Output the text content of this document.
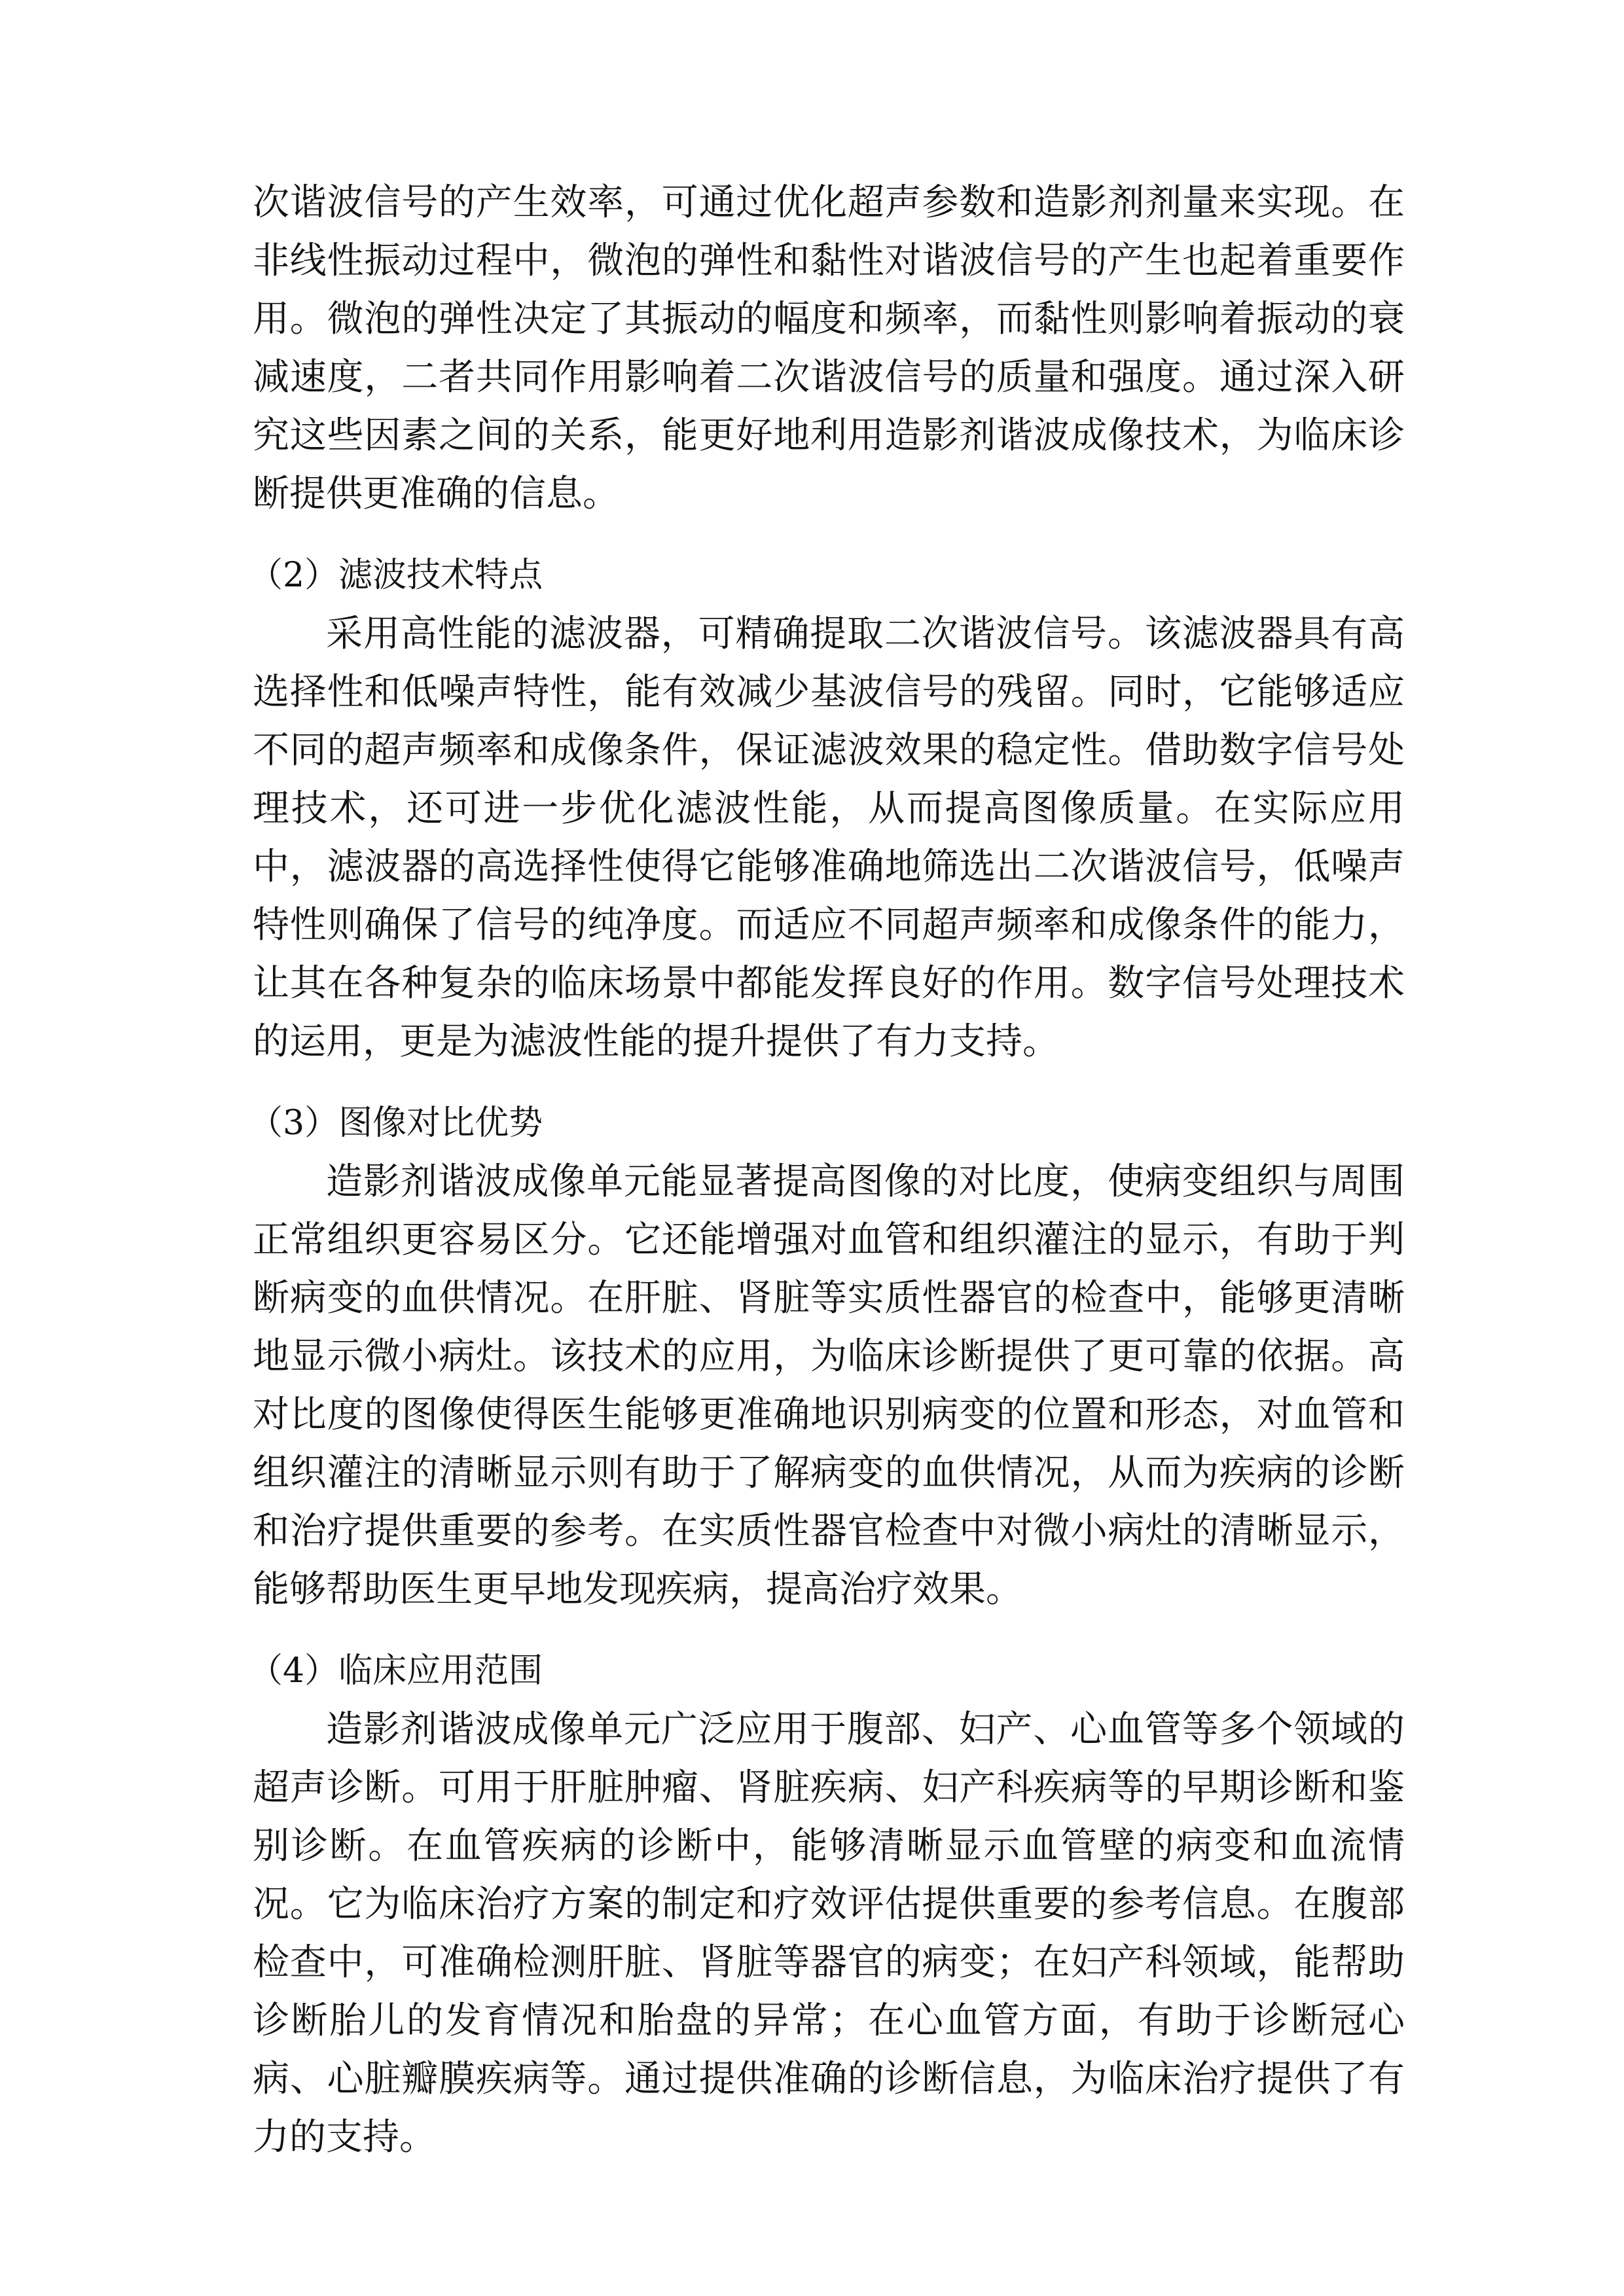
次谐波信号的产生效率，可通过优化超声参数和造影剂剂量来实现。在非线性振动过程中，微泡的弹性和黏性对谐波信号的产生也起着重要作用。微泡的弹性决定了其振动的幅度和频率，而黏性则影响着振动的衰减速度，二者共同作用影响着二次谐波信号的质量和强度。通过深入研究这些因素之间的关系，能更好地利用造影剂谐波成像技术，为临床诊断提供更准确的信息。

（2）滤波技术特点

采用高性能的滤波器，可精确提取二次谐波信号。该滤波器具有高选择性和低噪声特性，能有效减少基波信号的残留。同时，它能够适应不同的超声频率和成像条件，保证滤波效果的稳定性。借助数字信号处理技术，还可进一步优化滤波性能，从而提高图像质量。在实际应用中，滤波器的高选择性使得它能够准确地筛选出二次谐波信号，低噪声特性则确保了信号的纯净度。而适应不同超声频率和成像条件的能力，让其在各种复杂的临床场景中都能发挥良好的作用。数字信号处理技术的运用，更是为滤波性能的提升提供了有力支持。

（3）图像对比优势

造影剂谐波成像单元能显著提高图像的对比度，使病变组织与周围正常组织更容易区分。它还能增强对血管和组织灌注的显示，有助于判断病变的血供情况。在肝脏、肾脏等实质性器官的检查中，能够更清晰地显示微小病灶。该技术的应用，为临床诊断提供了更可靠的依据。高对比度的图像使得医生能够更准确地识别病变的位置和形态，对血管和组织灌注的清晰显示则有助于了解病变的血供情况，从而为疾病的诊断和治疗提供重要的参考。在实质性器官检查中对微小病灶的清晰显示，能够帮助医生更早地发现疾病，提高治疗效果。

（4）临床应用范围

造影剂谐波成像单元广泛应用于腹部、妇产、心血管等多个领域的超声诊断。可用于肝脏肿瘤、肾脏疾病、妇产科疾病等的早期诊断和鉴别诊断。在血管疾病的诊断中，能够清晰显示血管壁的病变和血流情况。它为临床治疗方案的制定和疗效评估提供重要的参考信息。在腹部检查中，可准确检测肝脏、肾脏等器官的病变；在妇产科领域，能帮助诊断胎儿的发育情况和胎盘的异常；在心血管方面，有助于诊断冠心病、心脏瓣膜疾病等。通过提供准确的诊断信息，为临床治疗提供了有力的支持。
